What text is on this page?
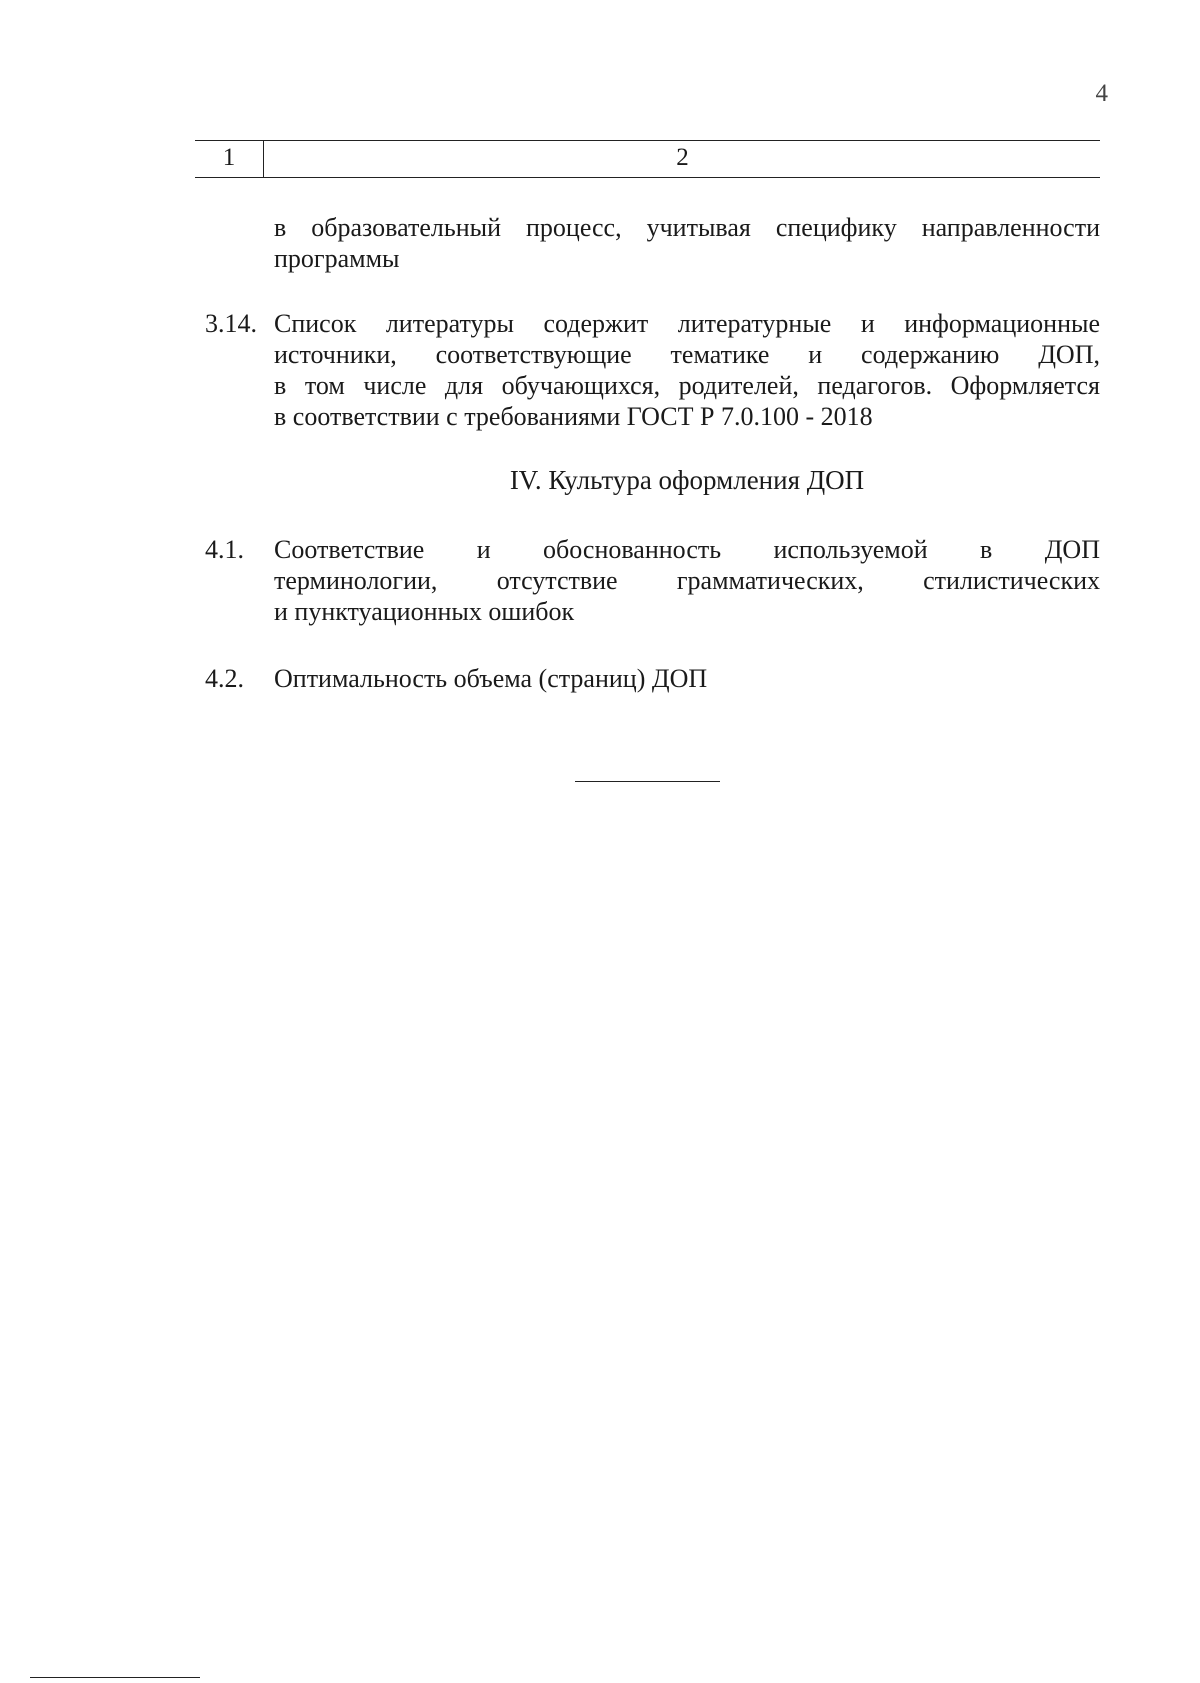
4
1	2
в образовательный процесс, учитывая специфику направленности
программы
3.14. Список литературы содержит литературные и информационные
источники, соответствующие тематике и содержанию ДОП,
в том числе для обучающихся, родителей, педагогов. Оформляется
в соответствии с требованиями ГОСТ Р 7.0.100 - 2018
IV. Культура оформления ДОП
4.1. Соответствие и обоснованность используемой в ДОП
терминологии, отсутствие грамматических, стилистических
и пунктуационных ошибок
4.2. Оптимальность объема (страниц) ДОП
